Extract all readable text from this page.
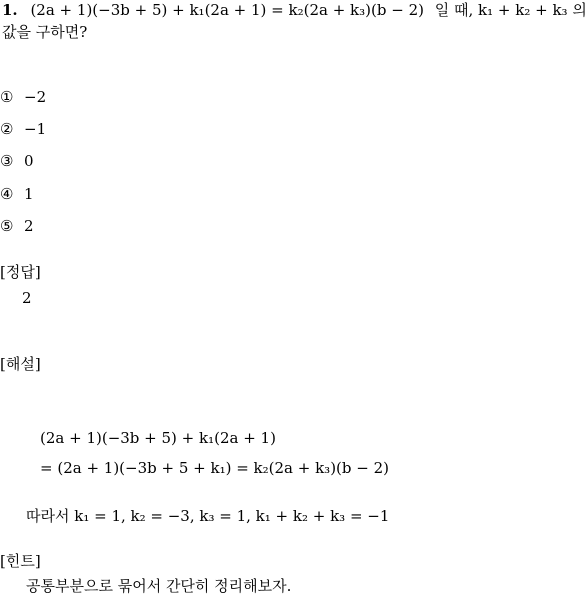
1. (2a + 1)(−3b + 5) + k₁(2a + 1) = k₂(2a + k₃)(b − 2) 일 때, k₁ + k₂ + k₃ 의
값을 구하면?
① −2
② −1
③ 0
④ 1
⑤ 2
[정답]
2
[해설]
(2a + 1)(−3b + 5) + k₁(2a + 1)
= (2a + 1)(−3b + 5 + k₁) = k₂(2a + k₃)(b − 2)
따라서 k₁ = 1, k₂ = −3, k₃ = 1, k₁ + k₂ + k₃ = −1
[힌트]
공통부분으로 묶어서 간단히 정리해보자.
